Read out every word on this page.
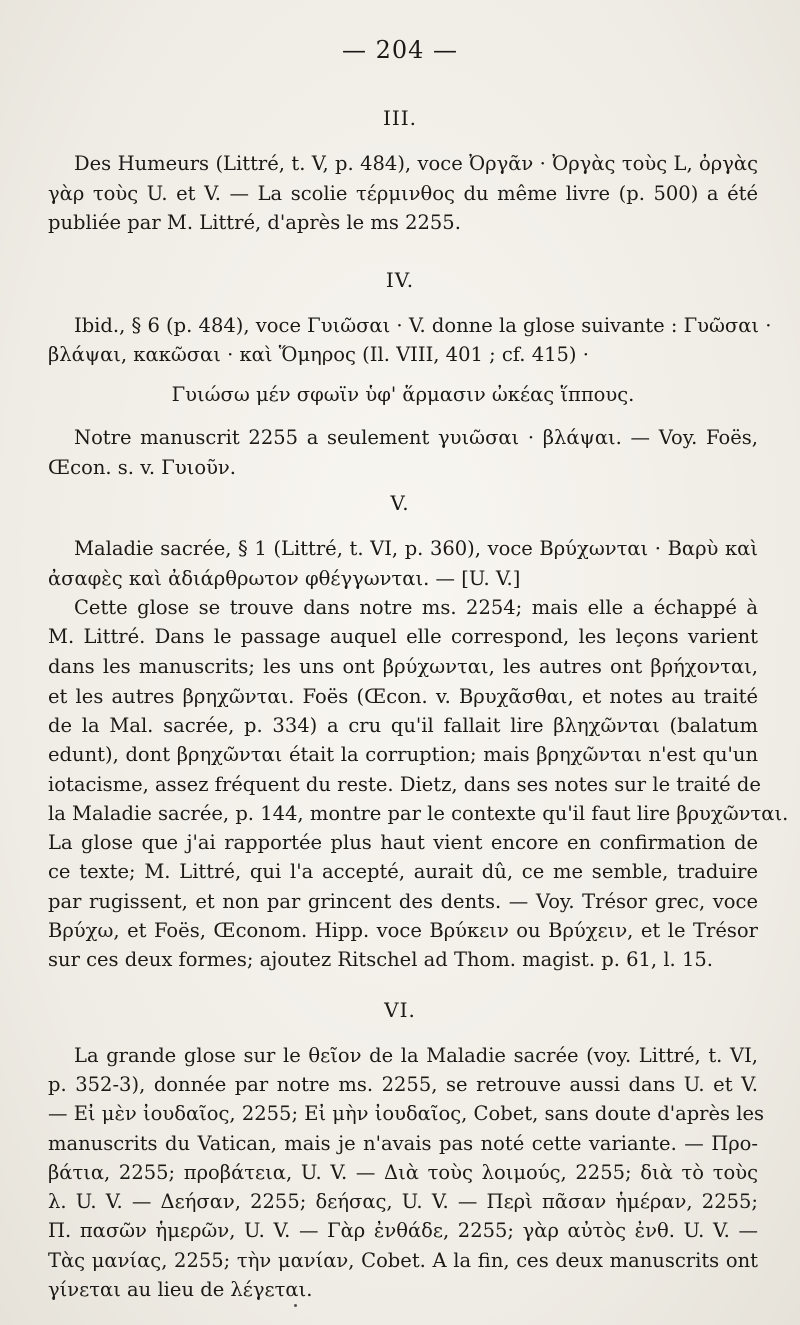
— 204 —
III.
Des Humeurs (Littré, t. V, p. 484), voce Ὀργᾶν · Ὀργὰς τοὺς L, ὀργὰς
γὰρ τοὺς U. et V. — La scolie τέρμινθος du même livre (p. 500) a été
publiée par M. Littré, d'après le ms 2255.
IV.
Ibid., § 6 (p. 484), voce Γυιῶσαι · V. donne la glose suivante : Γυῶσαι ·
βλάψαι, κακῶσαι · καὶ Ὅμηρος (Il. VIII, 401 ; cf. 415) ·
Γυιώσω μέν σφωϊν ὑφ' ἅρμασιν ὠκέας ἵππους.
Notre manuscrit 2255 a seulement γυιῶσαι · βλάψαι. — Voy. Foës,
Œcon. s. v. Γυιοῦν.
V.
Maladie sacrée, § 1 (Littré, t. VI, p. 360), voce Βρύχωνται · Βαρὺ καὶ
ἀσαφὲς καὶ ἀδιάρθρωτον φθέγγωνται. — [U. V.]
Cette glose se trouve dans notre ms. 2254; mais elle a échappé à
M. Littré. Dans le passage auquel elle correspond, les leçons varient
dans les manuscrits; les uns ont βρύχωνται, les autres ont βρήχονται,
et les autres βρηχῶνται. Foës (Œcon. v. Βρυχᾶσθαι, et notes au traité
de la Mal. sacrée, p. 334) a cru qu'il fallait lire βληχῶνται (balatum
edunt), dont βρηχῶνται était la corruption; mais βρηχῶνται n'est qu'un
iotacisme, assez fréquent du reste. Dietz, dans ses notes sur le traité de
la Maladie sacrée, p. 144, montre par le contexte qu'il faut lire βρυχῶνται.
La glose que j'ai rapportée plus haut vient encore en confirmation de
ce texte; M. Littré, qui l'a accepté, aurait dû, ce me semble, traduire
par rugissent, et non par grincent des dents. — Voy. Trésor grec, voce
Βρύχω, et Foës, Œconom. Hipp. voce Βρύκειν ou Βρύχειν, et le Trésor
sur ces deux formes; ajoutez Ritschel ad Thom. magist. p. 61, l. 15.
VI.
La grande glose sur le θεῖον de la Maladie sacrée (voy. Littré, t. VI,
p. 352-3), donnée par notre ms. 2255, se retrouve aussi dans U. et V.
— Εἰ μὲν ἰουδαῖος, 2255; Εἰ μὴν ἰουδαῖος, Cobet, sans doute d'après les
manuscrits du Vatican, mais je n'avais pas noté cette variante. — Προ-
βάτια, 2255; προβάτεια, U. V. — Διὰ τοὺς λοιμούς, 2255; διὰ τὸ τοὺς
λ. U. V. — Δεήσαν, 2255; δεήσας, U. V. — Περὶ πᾶσαν ἡμέραν, 2255;
Π. πασῶν ἡμερῶν, U. V. — Γὰρ ἐνθάδε, 2255; γὰρ αὐτὸς ἐνθ. U. V. —
Τὰς μανίας, 2255; τὴν μανίαν, Cobet. A la fin, ces deux manuscrits ont
γίνεται au lieu de λέγεται.
